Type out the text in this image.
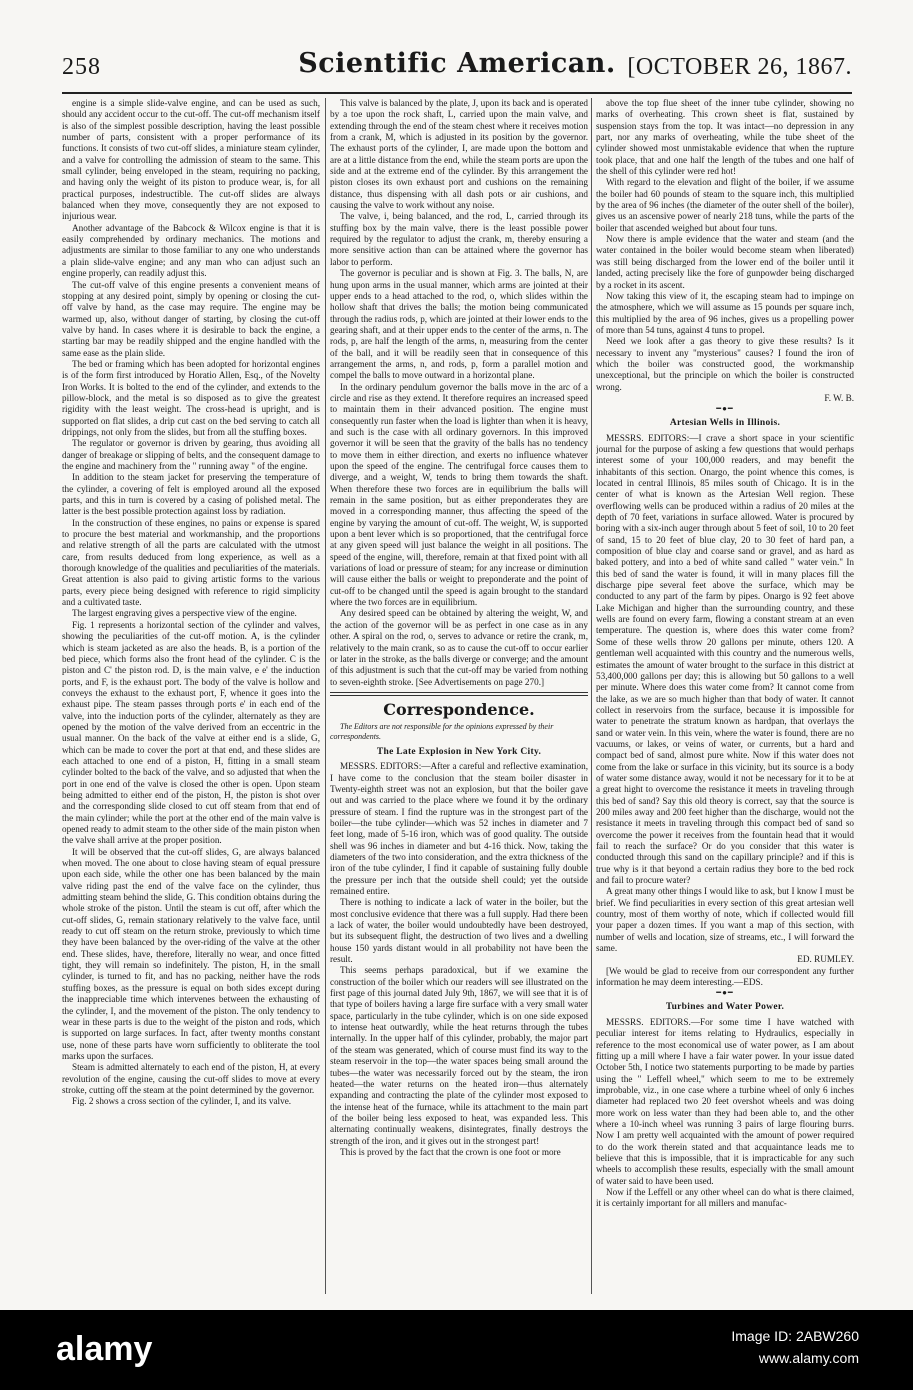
258	Scientific American. [OCTOBER 26, 1867.

engine is a simple slide-valve engine, and can be used as such, should any accident occur to the cut-off. The cut-off mechanism itself is also of the simplest possible description, having the least possible number of parts, consistent with a proper performance of its functions. It consists of two cut-off slides, a miniature steam cylinder, and a valve for controlling the admission of steam to the same. This small cylinder, being enveloped in the steam, requiring no packing, and having only the weight of its piston to produce wear, is, for all practical purposes, indestructible. The cut-off slides are always balanced when they move, consequently they are not exposed to injurious wear.

Another advantage of the Babcock & Wilcox engine is that it is easily comprehended by ordinary mechanics. The motions and adjustments are similar to those familiar to any one who understands a plain slide-valve engine; and any man who can adjust such an engine properly, can readily adjust this.

The cut-off valve of this engine presents a convenient means of stopping at any desired point, simply by opening or closing the cut-off valve by hand, as the case may require. The engine may be warmed up, also, without danger of starting, by closing the cut-off valve by hand. In cases where it is desirable to back the engine, a starting bar may be readily shipped and the engine handled with the same ease as the plain slide.

The bed or framing which has been adopted for horizontal engines is of the form first introduced by Horatio Allen, Esq., of the Novelty Iron Works. It is bolted to the end of the cylinder, and extends to the pillow-block, and the metal is so disposed as to give the greatest rigidity with the least weight. The cross-head is upright, and is supported on flat slides, a drip cut cast on the bed serving to catch all drippings, not only from the slides, but from all the stuffing boxes.

The regulator or governor is driven by gearing, thus avoiding all danger of breakage or slipping of belts, and the consequent damage to the engine and machinery from the " running away " of the engine.

In addition to the steam jacket for preserving the temperature of the cylinder, a covering of felt is employed around all the exposed parts, and this in turn is covered by a casing of polished metal. The latter is the best possible protection against loss by radiation.

In the construction of these engines, no pains or expense is spared to procure the best material and workmanship, and the proportions and relative strength of all the parts are calculated with the utmost care, from results deduced from long experience, as well as a thorough knowledge of the qualities and peculiarities of the materials. Great attention is also paid to giving artistic forms to the various parts, every piece being designed with reference to rigid simplicity and a cultivated taste.

The largest engraving gives a perspective view of the engine.

Fig. 1 represents a horizontal section of the cylinder and valves, showing the peculiarities of the cut-off motion. A, is the cylinder which is steam jacketed as are also the heads. B, is a portion of the bed piece, which forms also the front head of the cylinder. C is the piston and C' the piston rod. D, is the main valve, e e' the induction ports, and F, is the exhaust port. The body of the valve is hollow and conveys the exhaust to the exhaust port, F, whence it goes into the exhaust pipe. The steam passes through ports e' in each end of the valve, into the induction ports of the cylinder, alternately as they are opened by the motion of the valve derived from an eccentric in the usual manner. On the back of the valve at either end is a slide, G, which can be made to cover the port at that end, and these slides are each attached to one end of a piston, H, fitting in a small steam cylinder bolted to the back of the valve, and so adjusted that when the port in one end of the valve is closed the other is open. Upon steam being admitted to either end of the piston, H, the piston is shot over and the corresponding slide closed to cut off steam from that end of the main cylinder; while the port at the other end of the main valve is opened ready to admit steam to the other side of the main piston when the valve shall arrive at the proper position.

It will be observed that the cut-off slides, G, are always balanced when moved. The one about to close having steam of equal pressure upon each side, while the other one has been balanced by the main valve riding past the end of the valve face on the cylinder, thus admitting steam behind the slide, G. This condition obtains during the whole stroke of the piston. Until the steam is cut off, after which the cut-off slides, G, remain stationary relatively to the valve face, until ready to cut off steam on the return stroke, previously to which time they have been balanced by the over-riding of the valve at the other end. These slides, have, therefore, literally no wear, and once fitted tight, they will remain so indefinitely. The piston, H, in the small cylinder, is turned to fit, and has no packing, neither have the rods stuffing boxes, as the pressure is equal on both sides except during the inappreciable time which intervenes between the exhausting of the cylinder, I, and the movement of the piston. The only tendency to wear in these parts is due to the weight of the piston and rods, which is supported on large surfaces. In fact, after twenty months constant use, none of these parts have worn sufficiently to obliterate the tool marks upon the surfaces.

Steam is admitted alternately to each end of the piston, H, at every revolution of the engine, causing the cut-off slides to move at every stroke, cutting off the steam at the point determined by the governor.

Fig. 2 shows a cross section of the cylinder, I, and its valve.

This valve is balanced by the plate, J, upon its back and is operated by a toe upon the rock shaft, L, carried upon the main valve, and extending through the end of the steam chest where it receives motion from a crank, M, which is adjusted in its position by the governor. The exhaust ports of the cylinder, I, are made upon the bottom and are at a little distance from the end, while the steam ports are upon the side and at the extreme end of the cylinder. By this arrangement the piston closes its own exhaust port and cushions on the remaining distance, thus dispensing with all dash pots or air cushions, and causing the valve to work without any noise.

The valve, i, being balanced, and the rod, L, carried through its stuffing box by the main valve, there is the least possible power required by the regulator to adjust the crank, m, thereby ensuring a more sensitive action than can be attained where the governor has labor to perform.

The governor is peculiar and is shown at Fig. 3. The balls, N, are hung upon arms in the usual manner, which arms are jointed at their upper ends to a head attached to the rod, o, which slides within the hollow shaft that drives the balls; the motion being communicated through the radius rods, p, which are jointed at their lower ends to the gearing shaft, and at their upper ends to the center of the arms, n. The rods, p, are half the length of the arms, n, measuring from the center of the ball, and it will be readily seen that in consequence of this arrangement the arms, n, and rods, p, form a parallel motion and compel the balls to move outward in a horizontal plane.

In the ordinary pendulum governor the balls move in the arc of a circle and rise as they extend. It therefore requires an increased speed to maintain them in their advanced position. The engine must consequently run faster when the load is lighter than when it is heavy, and such is the case with all ordinary governors. In this improved governor it will be seen that the gravity of the balls has no tendency to move them in either direction, and exerts no influence whatever upon the speed of the engine. The centrifugal force causes them to diverge, and a weight, W, tends to bring them towards the shaft. When therefore these two forces are in equilibrium the balls will remain in the same position, but as either preponderates they are moved in a corresponding manner, thus affecting the speed of the engine by varying the amount of cut-off. The weight, W, is supported upon a bent lever which is so proportioned, that the centrifugal force at any given speed will just balance the weight in all positions. The speed of the engine, will, therefore, remain at that fixed point with all variations of load or pressure of steam; for any increase or diminution will cause either the balls or weight to preponderate and the point of cut-off to be changed until the speed is again brought to the standard where the two forces are in equilibrium.

Any desired speed can be obtained by altering the weight, W, and the action of the governor will be as perfect in one case as in any other. A spiral on the rod, o, serves to advance or retire the crank, m, relatively to the main crank, so as to cause the cut-off to occur earlier or later in the stroke, as the balls diverge or converge; and the amount of this adjustment is such that the cut-off may be varied from nothing to seven-eighth stroke. [See Advertisements on page 270.]

Correspondence.

The Editors are not responsible for the opinions expressed by their correspondents.

The Late Explosion in New York City.

MESSRS. EDITORS:—After a careful and reflective examination, I have come to the conclusion that the steam boiler disaster in Twenty-eighth street was not an explosion, but that the boiler gave out and was carried to the place where we found it by the ordinary pressure of steam. I find the rupture was in the strongest part of the boiler—the tube cylinder—which was 52 inches in diameter and 7 feet long, made of 5-16 iron, which was of good quality. The outside shell was 96 inches in diameter and but 4-16 thick. Now, taking the diameters of the two into consideration, and the extra thickness of the iron of the tube cylinder, I find it capable of sustaining fully double the pressure per inch that the outside shell could; yet the outside remained entire.

There is nothing to indicate a lack of water in the boiler, but the most conclusive evidence that there was a full supply. Had there been a lack of water, the boiler would undoubtedly have been destroyed, but its subsequent flight, the destruction of two lives and a dwelling house 150 yards distant would in all probability not have been the result.

This seems perhaps paradoxical, but if we examine the construction of the boiler which our readers will see illustrated on the first page of this journal dated July 9th, 1867, we will see that it is of that type of boilers having a large fire surface with a very small water space, particularly in the tube cylinder, which is on one side exposed to intense heat outwardly, while the heat returns through the tubes internally. In the upper half of this cylinder, probably, the major part of the steam was generated, which of course must find its way to the steam reservoir in the top—the water spaces being small around the tubes—the water was necessarily forced out by the steam, the iron heated—the water returns on the heated iron—thus alternately expanding and contracting the plate of the cylinder most exposed to the intense heat of the furnace, while its attachment to the main part of the boiler being less exposed to heat, was expanded less. This alternating continually weakens, disintegrates, finally destroys the strength of the iron, and it gives out in the strongest part!

This is proved by the fact that the crown is one foot or more

above the top flue sheet of the inner tube cylinder, showing no marks of overheating. This crown sheet is flat, sustained by suspension stays from the top. It was intact—no depression in any part, nor any marks of overheating, while the tube sheet of the cylinder showed most unmistakable evidence that when the rupture took place, that and one half the length of the tubes and one half of the shell of this cylinder were red hot!

With regard to the elevation and flight of the boiler, if we assume the boiler had 60 pounds of steam to the square inch, this multiplied by the area of 96 inches (the diameter of the outer shell of the boiler), gives us an ascensive power of nearly 218 tuns, while the parts of the boiler that ascended weighed but about four tuns.

Now there is ample evidence that the water and steam (and the water contained in the boiler would become steam when liberated) was still being discharged from the lower end of the boiler until it landed, acting precisely like the fore of gunpowder being discharged by a rocket in its ascent.

Now taking this view of it, the escaping steam had to impinge on the atmosphere, which we will assume as 15 pounds per square inch, this multiplied by the area of 96 inches, gives us a propelling power of more than 54 tuns, against 4 tuns to propel.

Need we look after a gas theory to give these results? Is it necessary to invent any "mysterious" causes? I found the iron of which the boiler was constructed good, the workmanship unexceptional, but the principle on which the boiler is constructed wrong.

F. W. B.
━●━
Artesian Wells in Illinois.

MESSRS. EDITORS:—I crave a short space in your scientific journal for the purpose of asking a few questions that would perhaps interest some of your 100,000 readers, and may benefit the inhabitants of this section. Onargo, the point whence this comes, is located in central Illinois, 85 miles south of Chicago. It is in the center of what is known as the Artesian Well region. These overflowing wells can be produced within a radius of 20 miles at the depth of 70 feet, variations in surface allowed. Water is procured by boring with a six-inch auger through about 5 feet of soil, 10 to 20 feet of sand, 15 to 20 feet of blue clay, 20 to 30 feet of hard pan, a composition of blue clay and coarse sand or gravel, and as hard as baked pottery, and into a bed of white sand called " water vein." In this bed of sand the water is found, it will in many places fill the discharge pipe several feet above the surface, which may be conducted to any part of the farm by pipes. Onargo is 92 feet above Lake Michigan and higher than the surrounding country, and these wells are found on every farm, flowing a constant stream at an even temperature. The question is, where does this water come from? Some of these wells throw 20 gallons per minute, others 120. A gentleman well acquainted with this country and the numerous wells, estimates the amount of water brought to the surface in this district at 53,400,000 gallons per day; this is allowing but 50 gallons to a well per minute. Where does this water come from? It cannot come from the lake, as we are so much higher than that body of water. It cannot collect in reservoirs from the surface, because it is impossible for water to penetrate the stratum known as hardpan, that overlays the sand or water vein. In this vein, where the water is found, there are no vacuums, or lakes, or veins of water, or currents, but a hard and compact bed of sand, almost pure white. Now if this water does not come from the lake or surface in this vicinity, but its source is a body of water some distance away, would it not be necessary for it to be at a great hight to overcome the resistance it meets in traveling through this bed of sand? Say this old theory is correct, say that the source is 200 miles away and 200 feet higher than the discharge, would not the resistance it meets in traveling through this compact bed of sand so overcome the power it receives from the fountain head that it would fail to reach the surface? Or do you consider that this water is conducted through this sand on the capillary principle? and if this is true why is it that beyond a certain radius they bore to the bed rock and fail to procure water?

A great many other things I would like to ask, but I know I must be brief. We find peculiarities in every section of this great artesian well country, most of them worthy of note, which if collected would fill your paper a dozen times. If you want a map of this section, with number of wells and location, size of streams, etc., I will forward the same.

ED. RUMLEY.

[We would be glad to receive from our correspondent any further information he may deem interesting.—EDS.

━●━
Turbines and Water Power.

MESSRS. EDITORS.—For some time I have watched with peculiar interest for items relating to Hydraulics, especially in reference to the most economical use of water power, as I am about fitting up a mill where I have a fair water power. In your issue dated October 5th, I notice two statements purporting to be made by parties using the " Leffell wheel," which seem to me to be extremely improbable, viz., in one case where a turbine wheel of only 6 inches diameter had replaced two 20 feet overshot wheels and was doing more work on less water than they had been able to, and the other where a 10-inch wheel was running 3 pairs of large flouring burrs. Now I am pretty well acquainted with the amount of power required to do the work therein stated and that acquaintance leads me to believe that this is impossible, that it is impracticable for any such wheels to accomplish these results, especially with the small amount of water said to have been used.

Now if the Leffell or any other wheel can do what is there claimed, it is certainly important for all millers and manufac-

alamy	Image ID: 2ABW260
www.alamy.com
